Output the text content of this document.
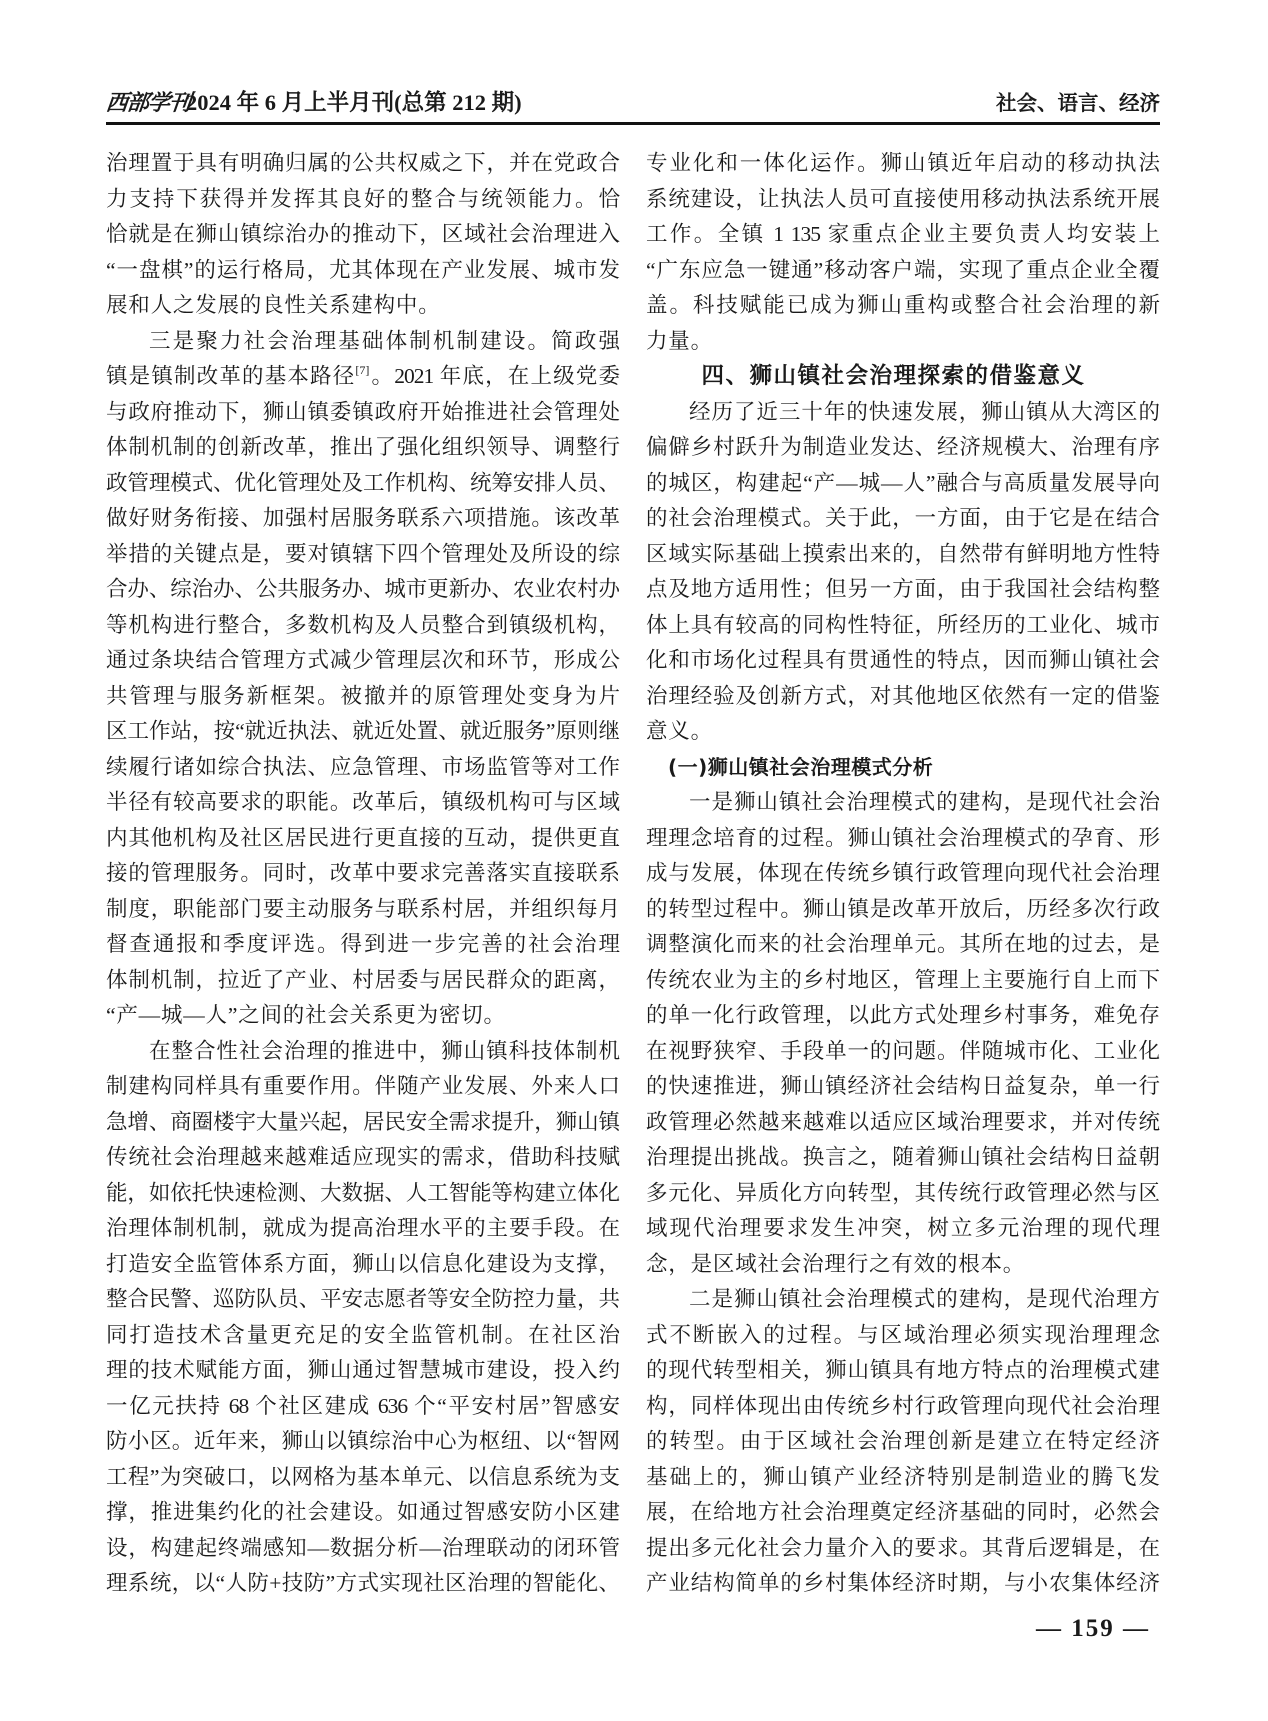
西部学刊
2024 年 6 月上半月刊(总第 212 期)	社会、语言、经济
治理置于具有明确归属的公共权威之下，并在党政合
力支持下获得并发挥其良好的整合与统领能力。恰
恰就是在狮山镇综治办的推动下，区域社会治理进入
“一盘棋”的运行格局，尤其体现在产业发展、城市发
展和人之发展的良性关系建构中。
三是聚力社会治理基础体制机制建设。简政强
镇是镇制改革的基本路径[7]。2021 年底，在上级党委
与政府推动下，狮山镇委镇政府开始推进社会管理处
体制机制的创新改革，推出了强化组织领导、调整行
政管理模式、优化管理处及工作机构、统筹安排人员、
做好财务衔接、加强村居服务联系六项措施。该改革
举措的关键点是，要对镇辖下四个管理处及所设的综
合办、综治办、公共服务办、城市更新办、农业农村办
等机构进行整合，多数机构及人员整合到镇级机构，
通过条块结合管理方式减少管理层次和环节，形成公
共管理与服务新框架。被撤并的原管理处变身为片
区工作站，按“就近执法、就近处置、就近服务”原则继
续履行诸如综合执法、应急管理、市场监管等对工作
半径有较高要求的职能。改革后，镇级机构可与区域
内其他机构及社区居民进行更直接的互动，提供更直
接的管理服务。同时，改革中要求完善落实直接联系
制度，职能部门要主动服务与联系村居，并组织每月
督查通报和季度评选。得到进一步完善的社会治理
体制机制，拉近了产业、村居委与居民群众的距离，
“产—城—人”之间的社会关系更为密切。
在整合性社会治理的推进中，狮山镇科技体制机
制建构同样具有重要作用。伴随产业发展、外来人口
急增、商圈楼宇大量兴起，居民安全需求提升，狮山镇
传统社会治理越来越难适应现实的需求，借助科技赋
能，如依托快速检测、大数据、人工智能等构建立体化
治理体制机制，就成为提高治理水平的主要手段。在
打造安全监管体系方面，狮山以信息化建设为支撑，
整合民警、巡防队员、平安志愿者等安全防控力量，共
同打造技术含量更充足的安全监管机制。在社区治
理的技术赋能方面，狮山通过智慧城市建设，投入约
一亿元扶持 68 个社区建成 636 个“平安村居”智感安
防小区。近年来，狮山以镇综治中心为枢纽、以“智网
工程”为突破口，以网格为基本单元、以信息系统为支
撑，推进集约化的社会建设。如通过智感安防小区建
设，构建起终端感知—数据分析—治理联动的闭环管
理系统，以“人防+技防”方式实现社区治理的智能化、
专业化和一体化运作。狮山镇近年启动的移动执法
系统建设，让执法人员可直接使用移动执法系统开展
工作。全镇 1 135 家重点企业主要负责人均安装上
“广东应急一键通”移动客户端，实现了重点企业全覆
盖。科技赋能已成为狮山重构或整合社会治理的新
力量。
四、狮山镇社会治理探索的借鉴意义
经历了近三十年的快速发展，狮山镇从大湾区的
偏僻乡村跃升为制造业发达、经济规模大、治理有序
的城区，构建起“产—城—人”融合与高质量发展导向
的社会治理模式。关于此，一方面，由于它是在结合
区域实际基础上摸索出来的，自然带有鲜明地方性特
点及地方适用性；但另一方面，由于我国社会结构整
体上具有较高的同构性特征，所经历的工业化、城市
化和市场化过程具有贯通性的特点，因而狮山镇社会
治理经验及创新方式，对其他地区依然有一定的借鉴
意义。
(一)狮山镇社会治理模式分析
一是狮山镇社会治理模式的建构，是现代社会治
理理念培育的过程。狮山镇社会治理模式的孕育、形
成与发展，体现在传统乡镇行政管理向现代社会治理
的转型过程中。狮山镇是改革开放后，历经多次行政
调整演化而来的社会治理单元。其所在地的过去，是
传统农业为主的乡村地区，管理上主要施行自上而下
的单一化行政管理，以此方式处理乡村事务，难免存
在视野狭窄、手段单一的问题。伴随城市化、工业化
的快速推进，狮山镇经济社会结构日益复杂，单一行
政管理必然越来越难以适应区域治理要求，并对传统
治理提出挑战。换言之，随着狮山镇社会结构日益朝
多元化、异质化方向转型，其传统行政管理必然与区
域现代治理要求发生冲突，树立多元治理的现代理
念，是区域社会治理行之有效的根本。
二是狮山镇社会治理模式的建构，是现代治理方
式不断嵌入的过程。与区域治理必须实现治理理念
的现代转型相关，狮山镇具有地方特点的治理模式建
构，同样体现出由传统乡村行政管理向现代社会治理
的转型。由于区域社会治理创新是建立在特定经济
基础上的，狮山镇产业经济特别是制造业的腾飞发
展，在给地方社会治理奠定经济基础的同时，必然会
提出多元化社会力量介入的要求。其背后逻辑是，在
产业结构简单的乡村集体经济时期，与小农集体经济
— 159 —
